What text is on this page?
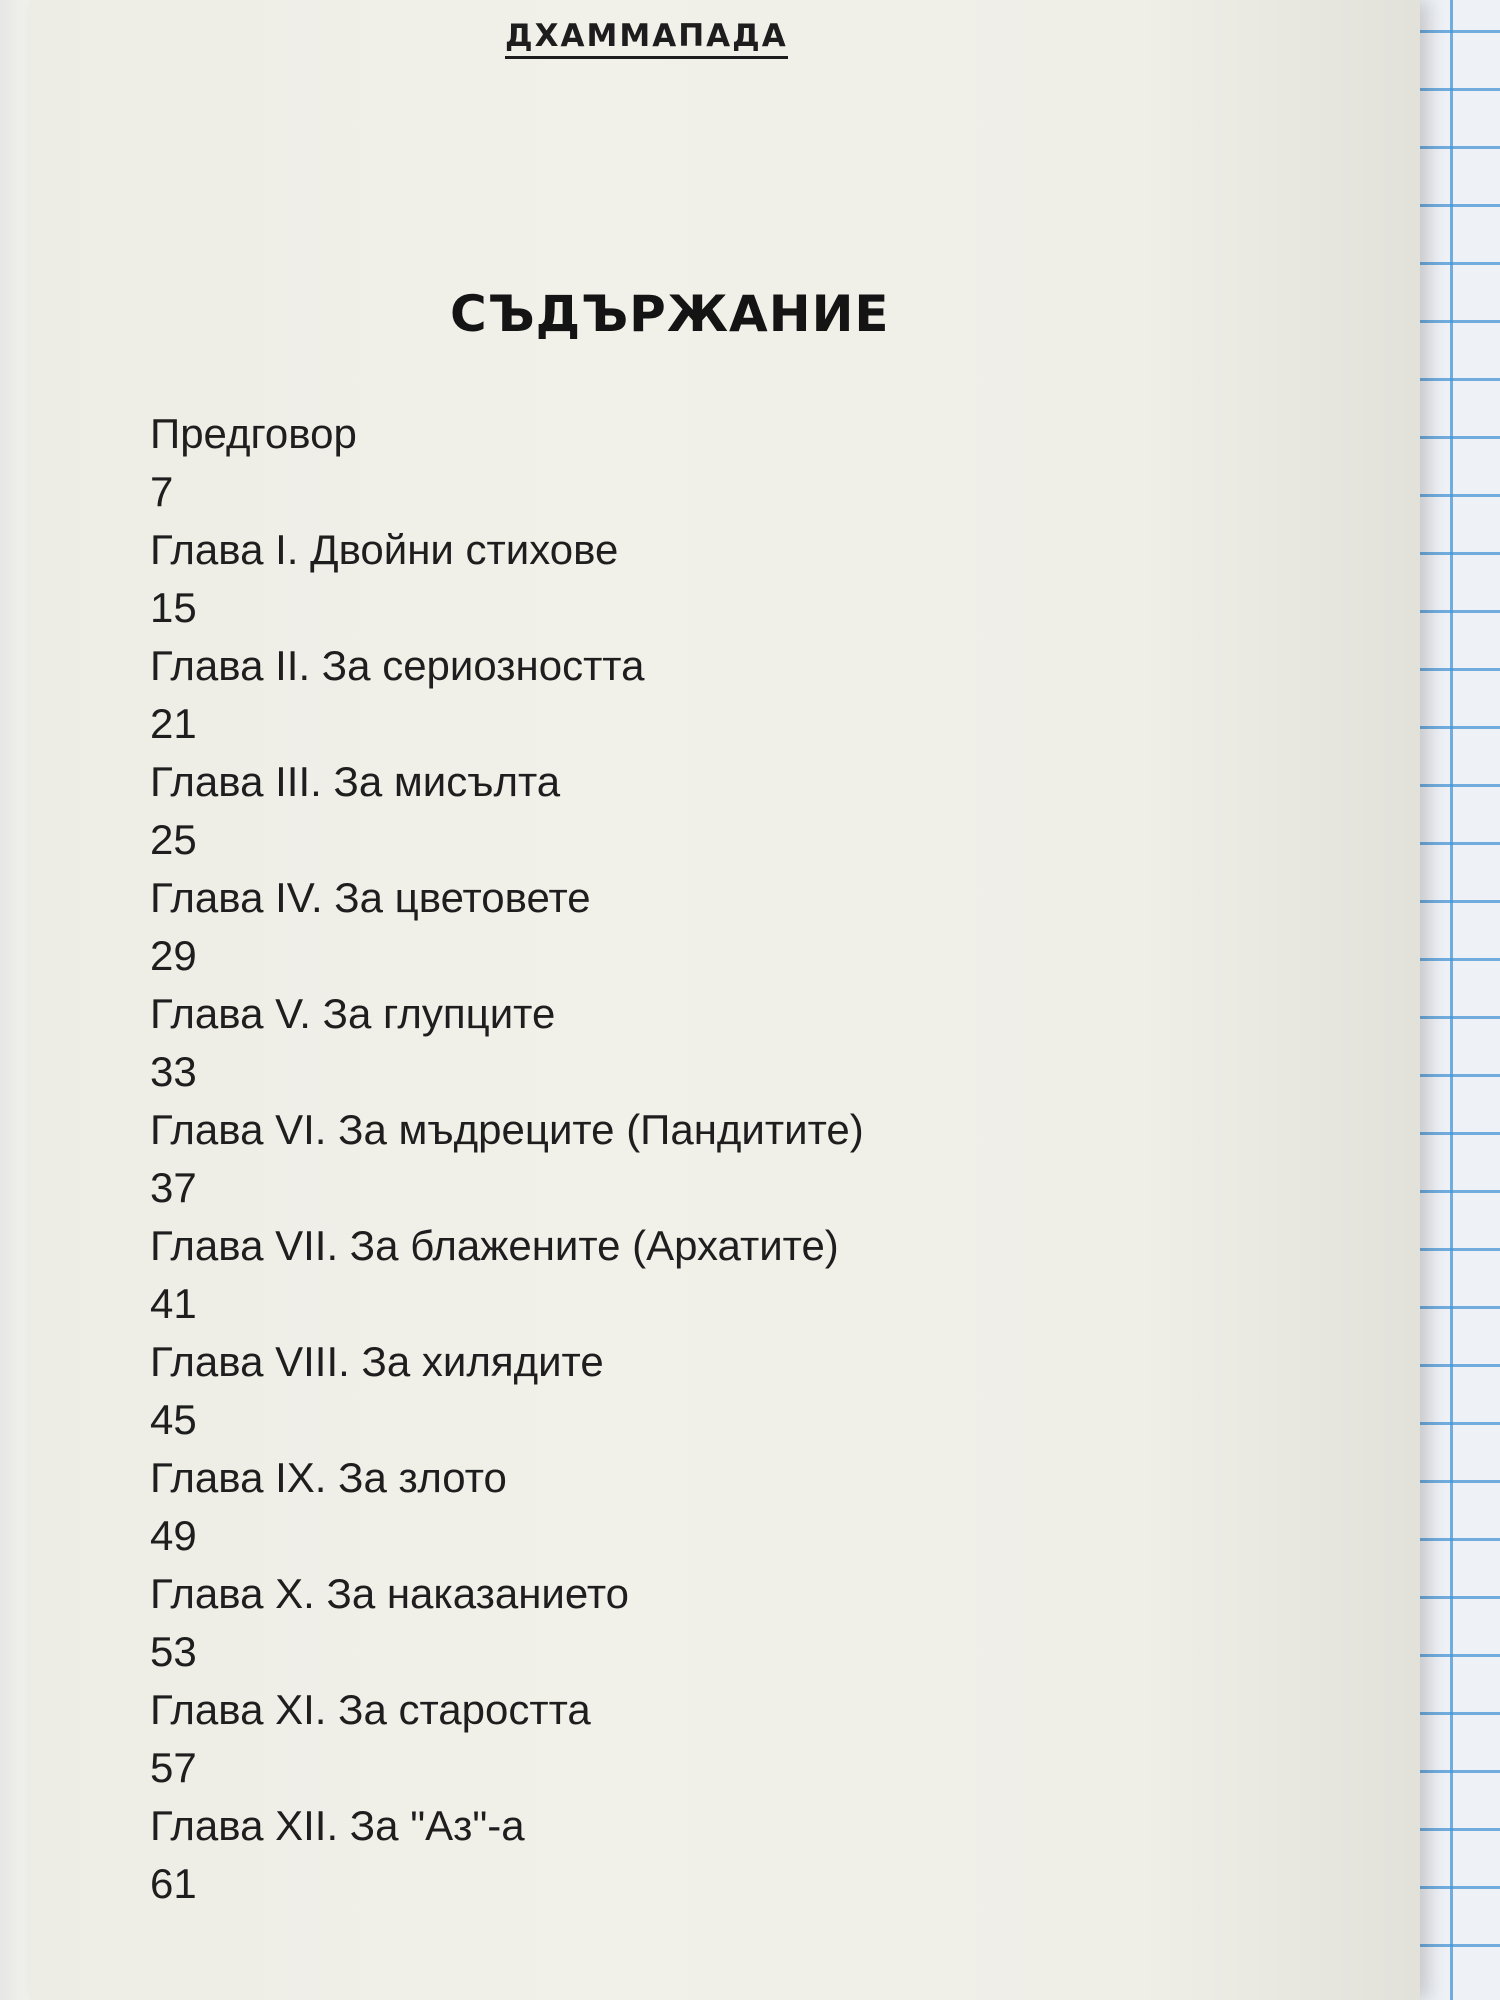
ДХАММАПАДА
СЪДЪРЖАНИЕ
Предговор
7
Глава I. Двойни стихове
15
Глава II. За сериозността
21
Глава III. За мисълта
25
Глава IV. За цветовете
29
Глава V. За глупците
33
Глава VI. За мъдреците (Пандитите)
37
Глава VII. За блажените (Архатите)
41
Глава VIII. За хилядите
45
Глава IX. За злото
49
Глава X. За наказанието
53
Глава XI. За старостта
57
Глава XII. За "Аз"-а
61
